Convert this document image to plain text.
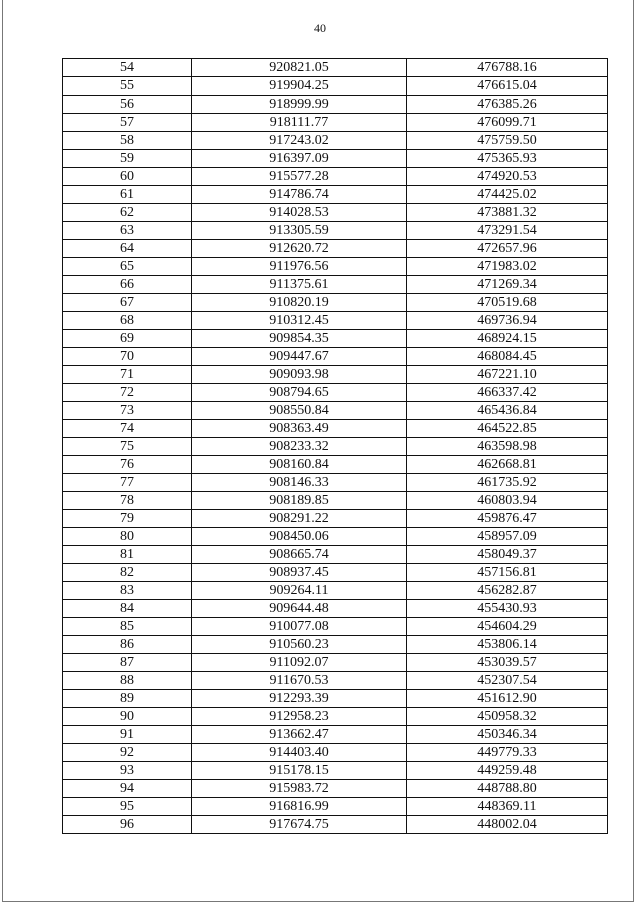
40
54	920821.05	476788.16
55	919904.25	476615.04
56	918999.99	476385.26
57	918111.77	476099.71
58	917243.02	475759.50
59	916397.09	475365.93
60	915577.28	474920.53
61	914786.74	474425.02
62	914028.53	473881.32
63	913305.59	473291.54
64	912620.72	472657.96
65	911976.56	471983.02
66	911375.61	471269.34
67	910820.19	470519.68
68	910312.45	469736.94
69	909854.35	468924.15
70	909447.67	468084.45
71	909093.98	467221.10
72	908794.65	466337.42
73	908550.84	465436.84
74	908363.49	464522.85
75	908233.32	463598.98
76	908160.84	462668.81
77	908146.33	461735.92
78	908189.85	460803.94
79	908291.22	459876.47
80	908450.06	458957.09
81	908665.74	458049.37
82	908937.45	457156.81
83	909264.11	456282.87
84	909644.48	455430.93
85	910077.08	454604.29
86	910560.23	453806.14
87	911092.07	453039.57
88	911670.53	452307.54
89	912293.39	451612.90
90	912958.23	450958.32
91	913662.47	450346.34
92	914403.40	449779.33
93	915178.15	449259.48
94	915983.72	448788.80
95	916816.99	448369.11
96	917674.75	448002.04
